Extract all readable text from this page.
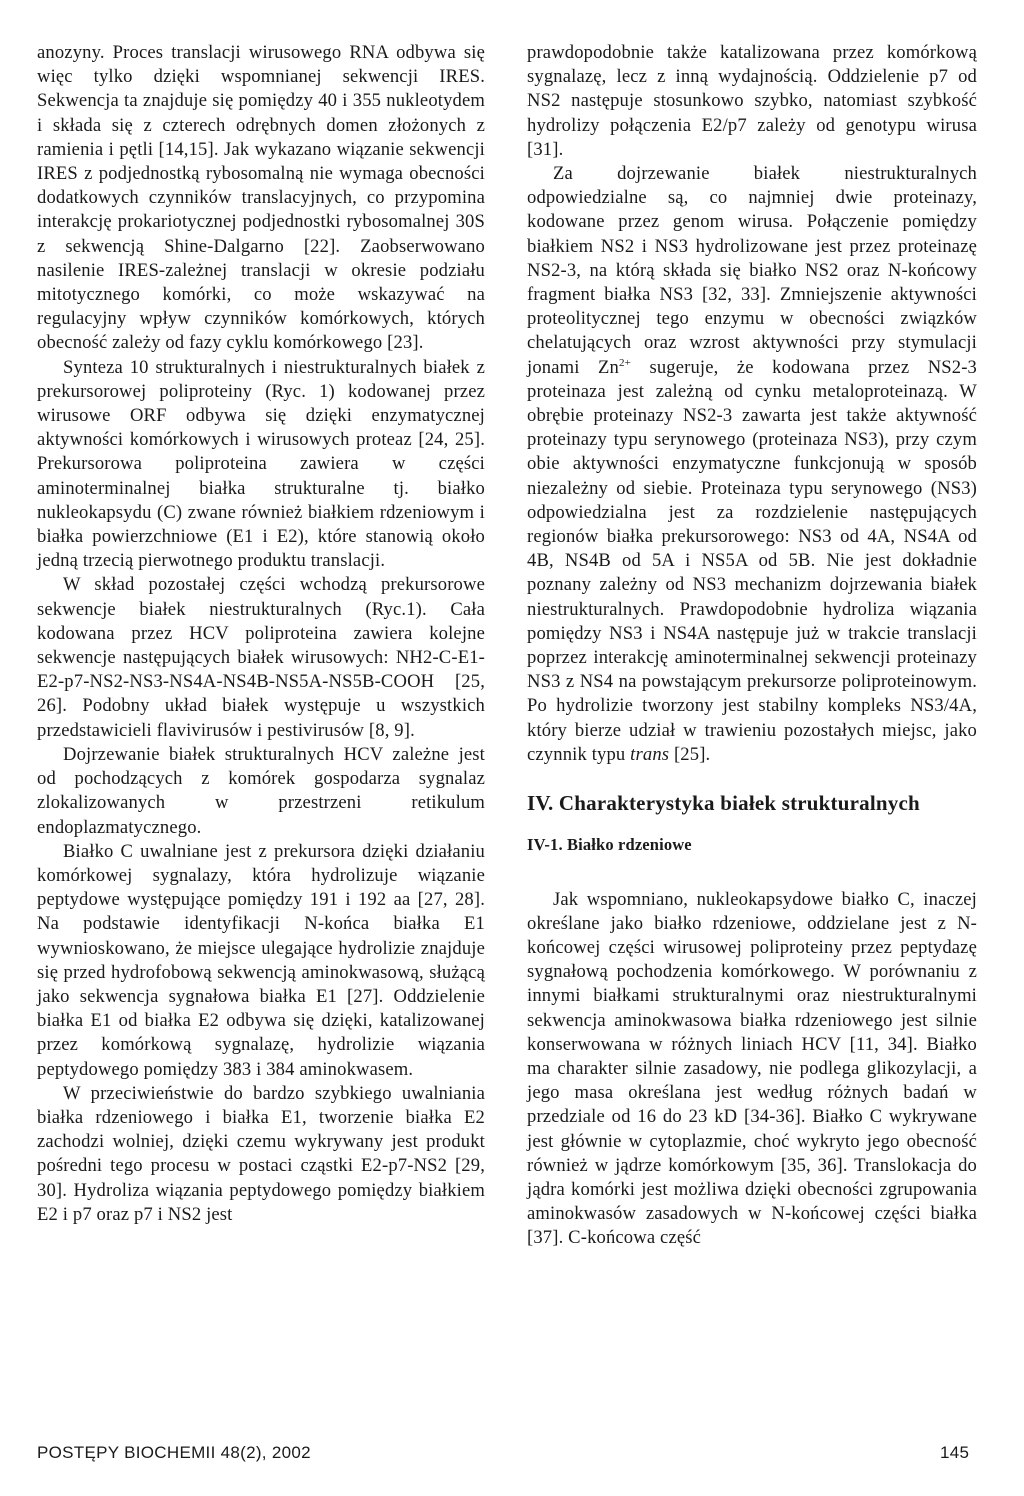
anozyny. Proces translacji wirusowego RNA odbywa się więc tylko dzięki wspomnianej sekwencji IRES. Sekwencja ta znajduje się pomiędzy 40 i 355 nukleotydem i składa się z czterech odrębnych domen złożonych z ramienia i pętli [14,15]. Jak wykazano wiązanie sekwencji IRES z podjednostką rybosomalną nie wymaga obecności dodatkowych czynników translacyjnych, co przypomina interakcję prokariotycznej podjednostki rybosomalnej 30S z sekwencją Shine-Dalgarno [22]. Zaobserwowano nasilenie IRES-zależnej translacji w okresie podziału mitotycznego komórki, co może wskazywać na regulacyjny wpływ czynników komórkowych, których obecność zależy od fazy cyklu komórkowego [23].

Synteza 10 strukturalnych i niestrukturalnych białek z prekursorowej poliproteiny (Ryc. 1) kodowanej przez wirusowe ORF odbywa się dzięki enzymatycznej aktywności komórkowych i wirusowych proteaz [24, 25]. Prekursorowa poliproteina zawiera w części aminoterminalnej białka strukturalne tj. białko nukleokapsydu (C) zwane również białkiem rdzeniowym i białka powierzchniowe (E1 i E2), które stanowią około jedną trzecią pierwotnego produktu translacji.

W skład pozostałej części wchodzą prekursorowe sekwencje białek niestrukturalnych (Ryc.1). Cała kodowana przez HCV poliproteina zawiera kolejne sekwencje następujących białek wirusowych: NH2-C-E1-E2-p7-NS2-NS3-NS4A-NS4B-NS5A-NS5B-COOH [25, 26]. Podobny układ białek występuje u wszystkich przedstawicieli flavivirusów i pestivirusów [8, 9].

Dojrzewanie białek strukturalnych HCV zależne jest od pochodzących z komórek gospodarza sygnalaz zlokalizowanych w przestrzeni retikulum endoplazmatycznego.

Białko C uwalniane jest z prekursora dzięki działaniu komórkowej sygnalazy, która hydrolizuje wiązanie peptydowe występujące pomiędzy 191 i 192 aa [27, 28]. Na podstawie identyfikacji N-końca białka E1 wywnioskowano, że miejsce ulegające hydrolizie znajduje się przed hydrofobową sekwencją aminokwasową, służącą jako sekwencja sygnałowa białka E1 [27]. Oddzielenie białka E1 od białka E2 odbywa się dzięki, katalizowanej przez komórkową sygnalazę, hydrolizie wiązania peptydowego pomiędzy 383 i 384 aminokwasem.

W przeciwieństwie do bardzo szybkiego uwalniania białka rdzeniowego i białka E1, tworzenie białka E2 zachodzi wolniej, dzięki czemu wykrywany jest produkt pośredni tego procesu w postaci cząstki E2-p7-NS2 [29, 30]. Hydroliza wiązania peptydowego pomiędzy białkiem E2 i p7 oraz p7 i NS2 jest

prawdopodobnie także katalizowana przez komórkową sygnalazę, lecz z inną wydajnością. Oddzielenie p7 od NS2 następuje stosunkowo szybko, natomiast szybkość hydrolizy połączenia E2/p7 zależy od genotypu wirusa [31].

Za dojrzewanie białek niestrukturalnych odpowiedzialne są, co najmniej dwie proteinazy, kodowane przez genom wirusa. Połączenie pomiędzy białkiem NS2 i NS3 hydrolizowane jest przez proteinazę NS2-3, na którą składa się białko NS2 oraz N-końcowy fragment białka NS3 [32, 33]. Zmniejszenie aktywności proteolitycznej tego enzymu w obecności związków chelatujących oraz wzrost aktywności przy stymulacji jonami $Zn^{2+}$ sugeruje, że kodowana przez NS2-3 proteinaza jest zależną od cynku metaloproteinazą. W obrębie proteinazy NS2-3 zawarta jest także aktywność proteinazy typu serynowego (proteinaza NS3), przy czym obie aktywności enzymatyczne funkcjonują w sposób niezależny od siebie. Proteinaza typu serynowego (NS3) odpowiedzialna jest za rozdzielenie następujących regionów białka prekursorowego: NS3 od 4A, NS4A od 4B, NS4B od 5A i NS5A od 5B. Nie jest dokładnie poznany zależny od NS3 mechanizm dojrzewania białek niestrukturalnych. Prawdopodobnie hydroliza wiązania pomiędzy NS3 i NS4A następuje już w trakcie translacji poprzez interakcję aminoterminalnej sekwencji proteinazy NS3 z NS4 na powstającym prekursorze poliproteinowym. Po hydrolizie tworzony jest stabilny kompleks NS3/4A, który bierze udział w trawieniu pozostałych miejsc, jako czynnik typu trans [25].

IV. Charakterystyka białek strukturalnych
IV-1. Białko rdzeniowe

Jak wspomniano, nukleokapsydowe białko C, inaczej określane jako białko rdzeniowe, oddzielane jest z N-końcowej części wirusowej poliproteiny przez peptydazę sygnałową pochodzenia komórkowego. W porównaniu z innymi białkami strukturalnymi oraz niestrukturalnymi sekwencja aminokwasowa białka rdzeniowego jest silnie konserwowana w różnych liniach HCV [11, 34]. Białko ma charakter silnie zasadowy, nie podlega glikozylacji, a jego masa określana jest według różnych badań w przedziale od 16 do 23 kD [34-36]. Białko C wykrywane jest głównie w cytoplazmie, choć wykryto jego obecność również w jądrze komórkowym [35, 36]. Translokacja do jądra komórki jest możliwa dzięki obecności zgrupowania aminokwasów zasadowych w N-końcowej części białka [37]. C-końcowa część

POSTĘPY BIOCHEMII 48(2), 2002	145
